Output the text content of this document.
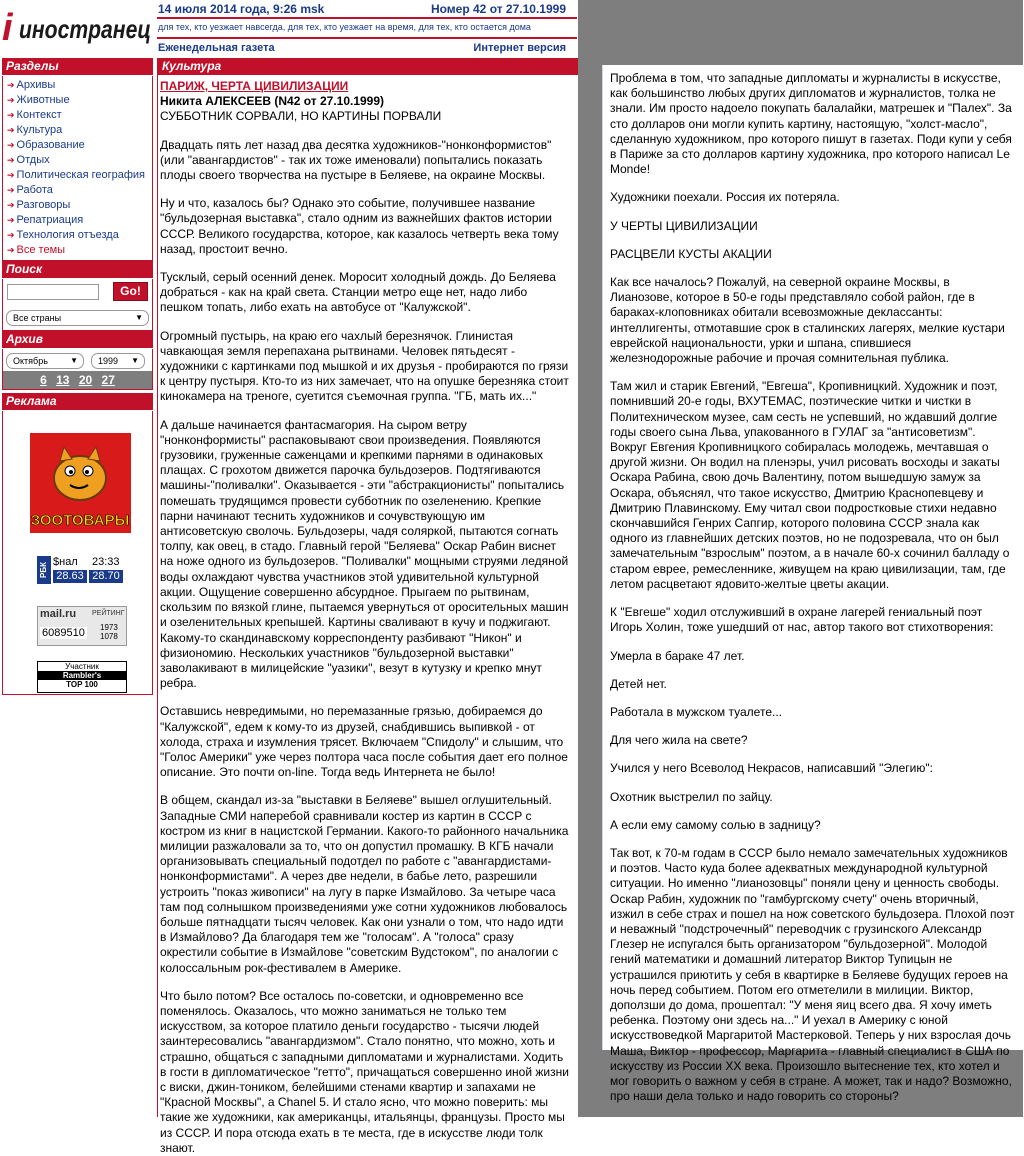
i иностранец
14 июля 2014 года, 9:26 msk	Номер 42 от 27.10.1999
для тех, кто уезжает навсегда, для тех, кто уезжает на время, для тех, кто остается дома
Еженедельная газета	Интернет версия
Разделы
➔ Архивы
➔ Животные
➔ Контекст
➔ Культура
➔ Образование
➔ Отдых
➔ Политическая география
➔ Работа
➔ Разговоры
➔ Репатриация
➔ Технология отъезда
➔ Все темы
Поиск
Go!
Все страны	▼
Архив
Октябрь	▼	1999 ▼
6 13 20 27
Реклама
ЗООТОВАРЫ
РБК
$нал 23:33
28.63 28.70
mail.ru РЕЙТИНГ
6089510 1973
1078
Участник
Rambler's
TOP 100
Культура
ПАРИЖ, ЧЕРТА ЦИВИЛИЗАЦИИ
Никита АЛЕКСЕЕВ (N42 от 27.10.1999)
СУББОТНИК СОРВАЛИ, НО КАРТИНЫ ПОРВАЛИ

Двадцать пять лет назад два десятка художников-"нонконформистов" (или "авангардистов" - так их тоже именовали) попытались показать плоды своего творчества на пустыре в Беляеве, на окраине Москвы.

Ну и что, казалось бы? Однако это событие, получившее название "бульдозерная выставка", стало одним из важнейших фактов истории СССР. Великого государства, которое, как казалось четверть века тому назад, простоит вечно.

Тусклый, серый осенний денек. Моросит холодный дождь. До Беляева добраться - как на край света. Станции метро еще нет, надо либо пешком топать, либо ехать на автобусе от "Калужской".

Огромный пустырь, на краю его чахлый березнячок. Глинистая чавкающая земля перепахана рытвинами. Человек пятьдесят - художники с картинками под мышкой и их друзья - пробираются по грязи к центру пустыря. Кто-то из них замечает, что на опушке березняка стоит кинокамера на треноге, суетится съемочная группа. "ГБ, мать их..."

А дальше начинается фантасмагория. На сыром ветру "нонконформисты" распаковывают свои произведения. Появляются грузовики, груженные саженцами и крепкими парнями в одинаковых плащах. С грохотом движется парочка бульдозеров. Подтягиваются машины-"поливалки". Оказывается - эти "абстракционисты" попытались помешать трудящимся провести субботник по озеленению. Крепкие парни начинают теснить художников и сочувствующую им антисоветскую сволочь. Бульдозеры, чадя соляркой, пытаются согнать толпу, как овец, в стадо. Главный герой "Беляева" Оскар Рабин виснет на ноже одного из бульдозеров. "Поливалки" мощными струями ледяной воды охлаждают чувства участников этой удивительной культурной акции. Ощущение совершенно абсурдное. Прыгаем по рытвинам, скользим по вязкой глине, пытаемся увернуться от оросительных машин и озеленительных крепышей. Картины сваливают в кучу и поджигают. Какому-то скандинавскому корреспонденту разбивают "Никон" и физиономию. Нескольких участников "бульдозерной выставки" заволакивают в милицейские "уазики", везут в кутузку и крепко мнут ребра.

Оставшись невредимыми, но перемазанные грязью, добираемся до "Калужской", едем к кому-то из друзей, снабдившись выпивкой - от холода, страха и изумления трясет. Включаем "Спидолу" и слышим, что "Голос Америки" уже через полтора часа после события дает его полное описание. Это почти on-line. Тогда ведь Интернета не было!

В общем, скандал из-за "выставки в Беляеве" вышел оглушительный. Западные СМИ наперебой сравнивали костер из картин в СССР с костром из книг в нацистской Германии. Какого-то районного начальника милиции разжаловали за то, что он допустил промашку. В КГБ начали организовывать специальный подотдел по работе с "авангардистами-нонконформистами". А через две недели, в бабье лето, разрешили устроить "показ живописи" на лугу в парке Измайлово. За четыре часа там под солнышком произведениями уже сотни художников любовалось больше пятнадцати тысяч человек. Как они узнали о том, что надо идти в Измайлово? Да благодаря тем же "голосам". А "голоса" сразу окрестили событие в Измайлове "советским Вудстоком", по аналогии с колоссальным рок-фестивалем в Америке.

Что было потом? Все осталось по-советски, и одновременно все поменялось. Оказалось, что можно заниматься не только тем искусством, за которое платило деньги государство - тысячи людей заинтересовались "авангардизмом". Стало понятно, что можно, хоть и страшно, общаться с западными дипломатами и журналистами. Ходить в гости в дипломатическое "гетто", причащаться совершенно иной жизни с виски, джин-тоником, белейшими стенами квартир и запахами не "Красной Москвы", а Chanel 5. И стало ясно, что можно поверить: мы такие же художники, как американцы, итальянцы, французы. Просто мы из СССР. И пора отсюда ехать в те места, где в искусстве люди толк знают.

Проблема в том, что западные дипломаты и журналисты в искусстве, как большинство любых других дипломатов и журналистов, толка не знали. Им просто надоело покупать балалайки, матрешек и "Палех". За сто долларов они могли купить картину, настоящую, "холст-масло", сделанную художником, про которого пишут в газетах. Поди купи у себя в Париже за сто долларов картину художника, про которого написал Le Monde!

Художники поехали. Россия их потеряла.

У ЧЕРТЫ ЦИВИЛИЗАЦИИ

РАСЦВЕЛИ КУСТЫ АКАЦИИ

Как все началось? Пожалуй, на северной окраине Москвы, в Лианозове, которое в 50-е годы представляло собой район, где в бараках-клоповниках обитали всевозможные деклассанты: интеллигенты, отмотавшие срок в сталинских лагерях, мелкие кустари еврейской национальности, урки и шпана, спившиеся железнодорожные рабочие и прочая сомнительная публика.

Там жил и старик Евгений, "Евгеша", Кропивницкий. Художник и поэт, помнивший 20-е годы, ВХУТЕМАС, поэтические читки и чистки в Политехническом музее, сам сесть не успевший, но ждавший долгие годы своего сына Льва, упакованного в ГУЛАГ за "антисоветизм". Вокруг Евгения Кропивницкого собиралась молодежь, мечтавшая о другой жизни. Он водил на пленэры, учил рисовать восходы и закаты Оскара Рабина, свою дочь Валентину, потом вышедшую замуж за Оскара, объяснял, что такое искусство, Дмитрию Краснопевцеву и Дмитрию Плавинскому. Ему читал свои подростковые стихи недавно скончавшийся Генрих Сапгир, которого половина СССР знала как одного из главнейших детских поэтов, но не подозревала, что он был замечательным "взрослым" поэтом, а в начале 60-х сочинил балладу о старом еврее, ремесленнике, живущем на краю цивилизации, там, где летом расцветают ядовито-желтые цветы акации.

К "Евгеше" ходил отслуживший в охране лагерей гениальный поэт Игорь Холин, тоже ушедший от нас, автор такого вот стихотворения:

Умерла в бараке 47 лет.

Детей нет.

Работала в мужском туалете...

Для чего жила на свете?

Учился у него Всеволод Некрасов, написавший "Элегию":

Охотник выстрелил по зайцу.

А если ему самому солью в задницу?

Так вот, к 70-м годам в СССР было немало замечательных художников и поэтов. Часто куда более адекватных международной культурной ситуации. Но именно "лианозовцы" поняли цену и ценность свободы. Оскар Рабин, художник по "гамбургскому счету" очень вторичный, изжил в себе страх и пошел на нож советского бульдозера. Плохой поэт и неважный "подстрочечный" переводчик с грузинского Александр Глезер не испугался быть организатором "бульдозерной". Молодой гений математики и домашний литератор Виктор Тупицын не устрашился приютить у себя в квартирке в Беляеве будущих героев на ночь перед событием. Потом его отметелили в милиции. Виктор, доползши до дома, прошептал: "У меня яиц всего два. Я хочу иметь ребенка. Поэтому они здесь на..." И уехал в Америку с юной искусствоведкой Маргаритой Мастерковой. Теперь у них взрослая дочь Маша, Виктор - профессор, Маргарита - главный специалист в США по искусству из России XX века. Произошло вытеснение тех, кто хотел и мог говорить о важном у себя в стране. А может, так и надо? Возможно, про наши дела только и надо говорить со стороны?
